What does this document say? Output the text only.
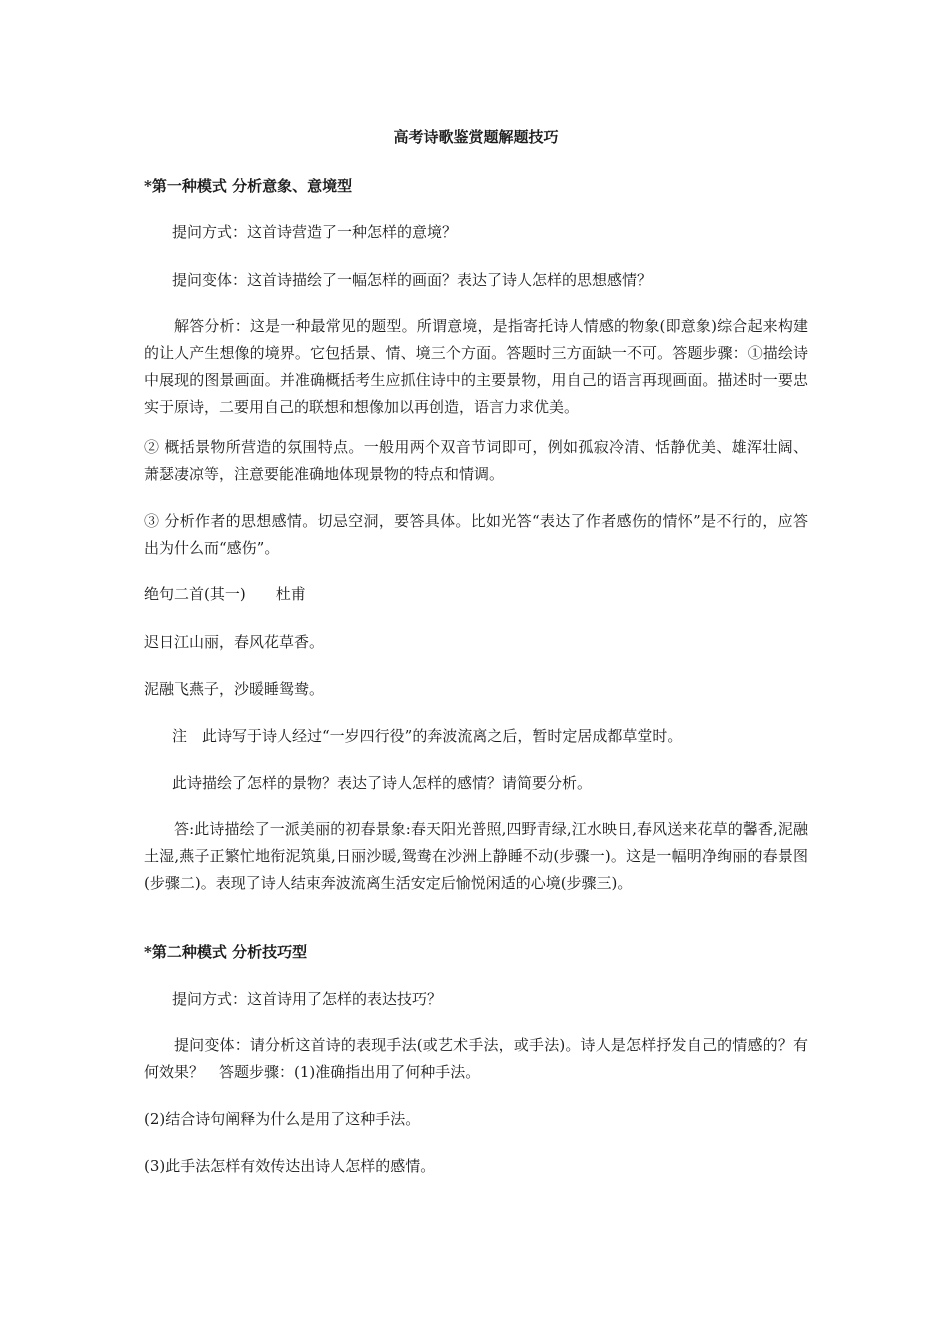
高考诗歌鉴赏题解题技巧
*第一种模式 分析意象、意境型
提问方式：这首诗营造了一种怎样的意境？
提问变体：这首诗描绘了一幅怎样的画面？表达了诗人怎样的思想感情？
解答分析：这是一种最常见的题型。所谓意境，是指寄托诗人情感的物象(即意象)综合起来构建的让人产生想像的境界。它包括景、情、境三个方面。答题时三方面缺一不可。答题步骤：①描绘诗中展现的图景画面。并准确概括考生应抓住诗中的主要景物，用自己的语言再现画面。描述时一要忠实于原诗，二要用自己的联想和想像加以再创造，语言力求优美。
② 概括景物所营造的氛围特点。一般用两个双音节词即可，例如孤寂冷清、恬静优美、雄浑壮阔、萧瑟凄凉等，注意要能准确地体现景物的特点和情调。
③ 分析作者的思想感情。切忌空洞，要答具体。比如光答“表达了作者感伤的情怀”是不行的，应答出为什么而“感伤”。
绝句二首(其一) 杜甫
迟日江山丽，春风花草香。
泥融飞燕子，沙暖睡鸳鸯。
注　此诗写于诗人经过“一岁四行役”的奔波流离之后，暂时定居成都草堂时。
此诗描绘了怎样的景物？表达了诗人怎样的感情？请简要分析。
答:此诗描绘了一派美丽的初春景象:春天阳光普照,四野青绿,江水映日,春风送来花草的馨香,泥融土湿,燕子正繁忙地衔泥筑巢,日丽沙暖,鸳鸯在沙洲上静睡不动(步骤一)。这是一幅明净绚丽的春景图(步骤二)。表现了诗人结束奔波流离生活安定后愉悦闲适的心境(步骤三)。
*第二种模式 分析技巧型
提问方式：这首诗用了怎样的表达技巧？
提问变体：请分析这首诗的表现手法(或艺术手法，或手法)。诗人是怎样抒发自己的情感的？有何效果？　答题步骤：(1)准确指出用了何种手法。
(2)结合诗句阐释为什么是用了这种手法。
(3)此手法怎样有效传达出诗人怎样的感情。
